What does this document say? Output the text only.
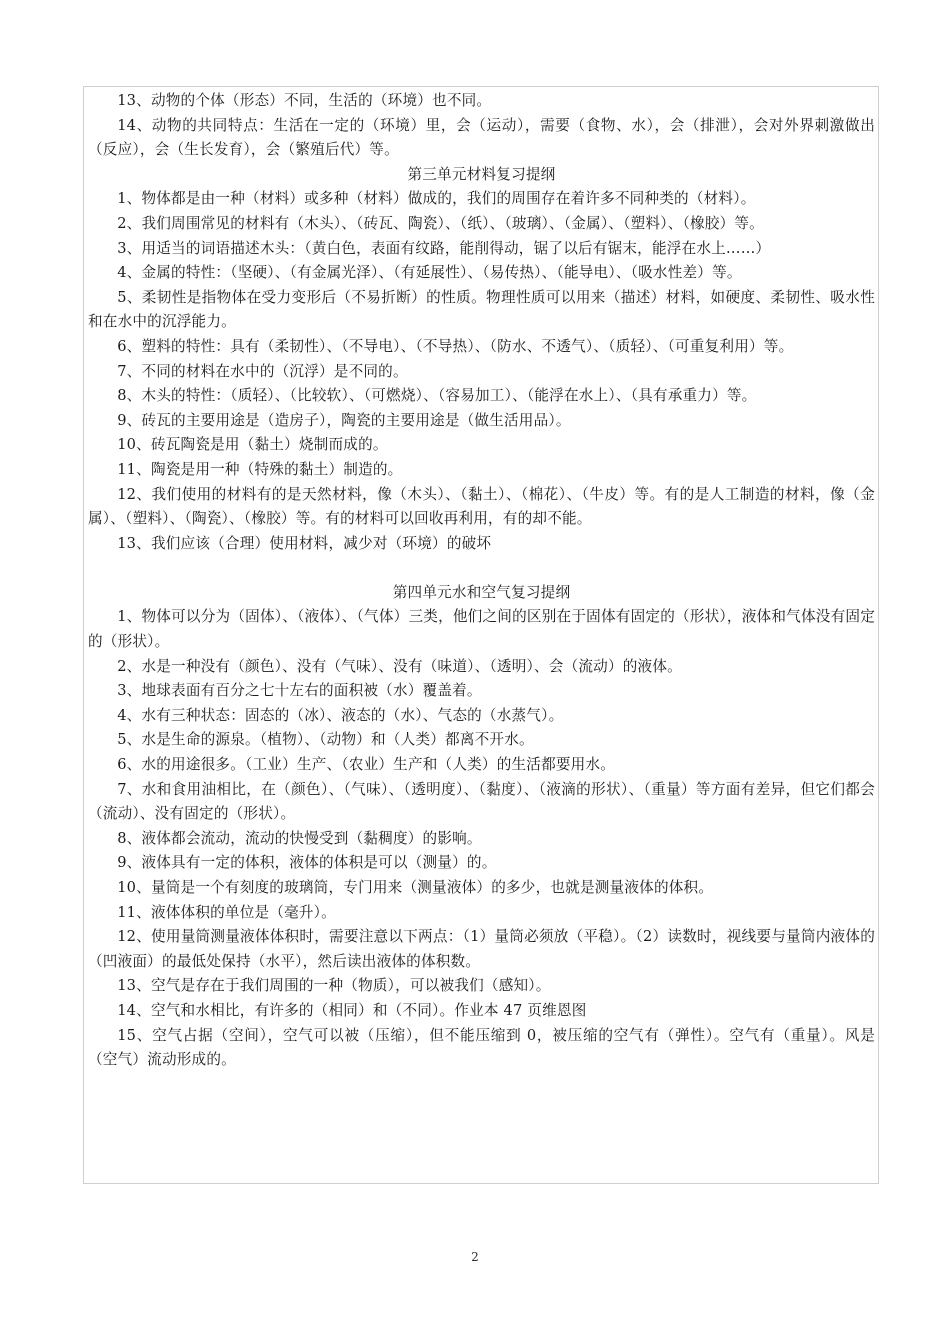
13、动物的个体（形态）不同，生活的（环境）也不同。

14、动物的共同特点：生活在一定的（环境）里，会（运动），需要（食物、水），会（排泄），会对外界刺激做出（反应），会（生长发育），会（繁殖后代）等。

第三单元材料复习提纲

1、物体都是由一种（材料）或多种（材料）做成的，我们的周围存在着许多不同种类的（材料）。

2、我们周围常见的材料有（木头）、（砖瓦、陶瓷）、（纸）、（玻璃）、（金属）、（塑料）、（橡胶）等。

3、用适当的词语描述木头：（黄白色，表面有纹路，能削得动，锯了以后有锯末，能浮在水上……）

4、金属的特性：（坚硬）、（有金属光泽）、（有延展性）、（易传热）、（能导电）、（吸水性差）等。

5、柔韧性是指物体在受力变形后（不易折断）的性质。物理性质可以用来（描述）材料，如硬度、柔韧性、吸水性和在水中的沉浮能力。

6、塑料的特性：具有（柔韧性）、（不导电）、（不导热）、（防水、不透气）、（质轻）、（可重复利用）等。

7、不同的材料在水中的（沉浮）是不同的。

8、木头的特性：（质轻）、（比较软）、（可燃烧）、（容易加工）、（能浮在水上）、（具有承重力）等。

9、砖瓦的主要用途是（造房子），陶瓷的主要用途是（做生活用品）。

10、砖瓦陶瓷是用（黏土）烧制而成的。

11、陶瓷是用一种（特殊的黏土）制造的。

12、我们使用的材料有的是天然材料，像（木头）、（黏土）、（棉花）、（牛皮）等。有的是人工制造的材料，像（金属）、（塑料）、（陶瓷）、（橡胶）等。有的材料可以回收再利用，有的却不能。

13、我们应该（合理）使用材料，减少对（环境）的破坏

第四单元水和空气复习提纲

1、物体可以分为（固体）、（液体）、（气体）三类，他们之间的区别在于固体有固定的（形状），液体和气体没有固定的（形状）。

2、水是一种没有（颜色）、没有（气味）、没有（味道）、（透明）、会（流动）的液体。

3、地球表面有百分之七十左右的面积被（水）覆盖着。

4、水有三种状态：固态的（冰）、液态的（水）、气态的（水蒸气）。

5、水是生命的源泉。（植物）、（动物）和（人类）都离不开水。

6、水的用途很多。（工业）生产、（农业）生产和（人类）的生活都要用水。

7、水和食用油相比，在（颜色）、（气味）、（透明度）、（黏度）、（液滴的形状）、（重量）等方面有差异，但它们都会（流动）、没有固定的（形状）。

8、液体都会流动，流动的快慢受到（黏稠度）的影响。

9、液体具有一定的体积，液体的体积是可以（测量）的。

10、量筒是一个有刻度的玻璃筒，专门用来（测量液体）的多少，也就是测量液体的体积。

11、液体体积的单位是（毫升）。

12、使用量筒测量液体体积时，需要注意以下两点：（1）量筒必须放（平稳）。（2）读数时，视线要与量筒内液体的（凹液面）的最低处保持（水平），然后读出液体的体积数。

13、空气是存在于我们周围的一种（物质），可以被我们（感知）。

14、空气和水相比，有许多的（相同）和（不同）。作业本 47 页维恩图

15、空气占据（空间），空气可以被（压缩），但不能压缩到 0，被压缩的空气有（弹性）。空气有（重量）。风是（空气）流动形成的。

2
